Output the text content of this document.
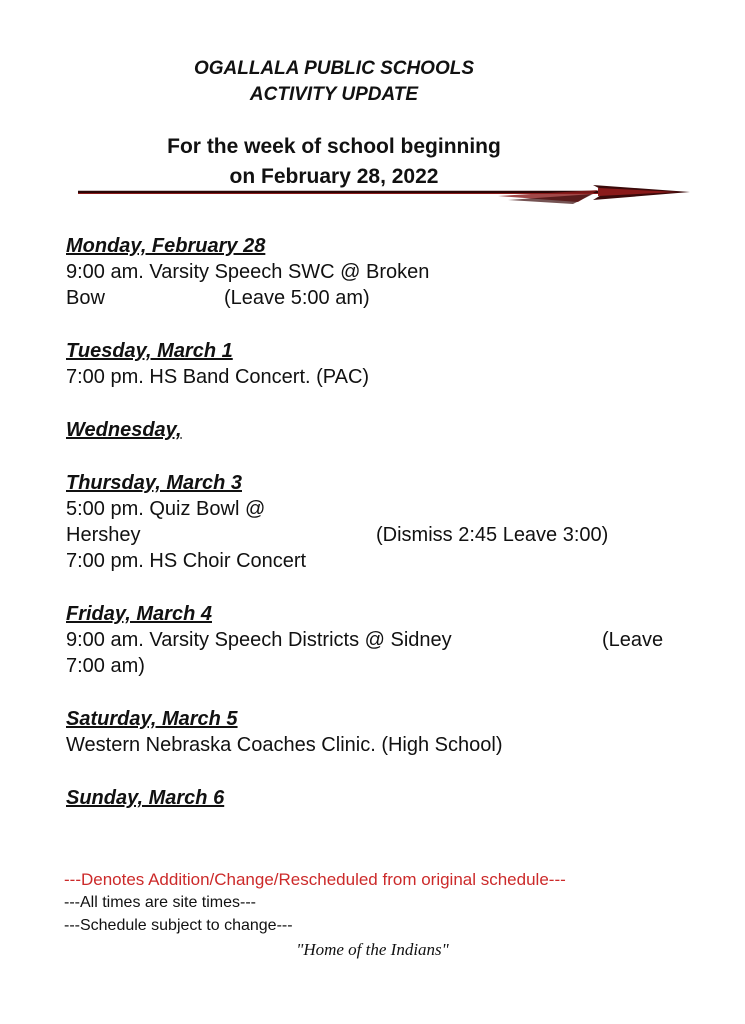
OGALLALA PUBLIC SCHOOLS
ACTIVITY UPDATE
For the week of school beginning
on February 28, 2022
Monday, February 28
9:00 am. Varsity Speech SWC @ Broken
Bow	(Leave 5:00 am)
Tuesday, March 1
7:00 pm. HS Band Concert. (PAC)
Wednesday,
Thursday, March 3
5:00 pm. Quiz Bowl @
Hershey	(Dismiss 2:45 Leave 3:00)
7:00 pm. HS Choir Concert
Friday, March 4
9:00 am. Varsity Speech Districts @ Sidney	(Leave
7:00 am)
Saturday, March 5
Western Nebraska Coaches Clinic. (High School)
Sunday, March 6
---Denotes Addition/Change/Rescheduled from original schedule---
---All times are site times---
---Schedule subject to change---
"Home of the Indians"
